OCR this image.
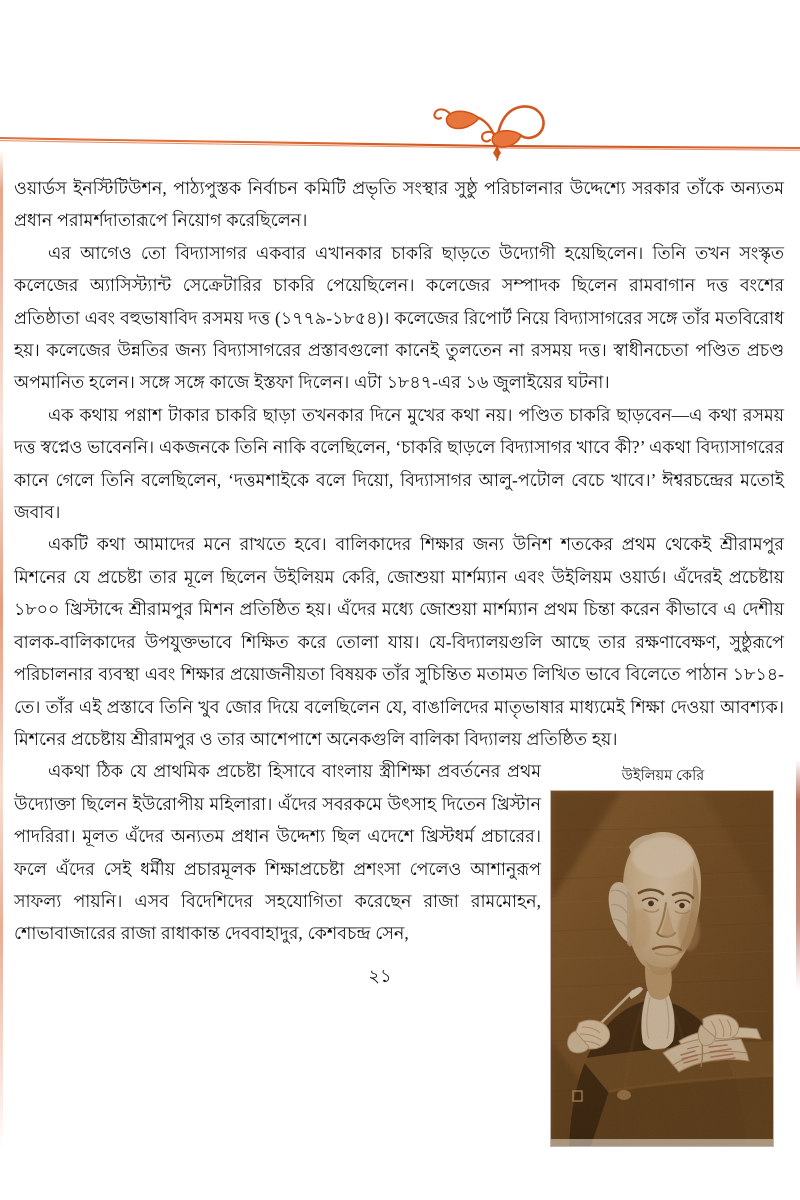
ওয়ার্ডস ইনস্টিটিউশন, পাঠ্যপুস্তক নির্বাচন কমিটি প্রভৃতি সংস্থার সুষ্ঠু পরিচালনার উদ্দেশ্যে সরকার তাঁকে অন্যতম প্রধান পরামর্শদাতারূপে নিয়োগ করেছিলেন।

এর আগেও তো বিদ্যাসাগর একবার এখানকার চাকরি ছাড়তে উদ্যোগী হয়েছিলেন। তিনি তখন সংস্কৃত কলেজের অ্যাসিস্ট্যান্ট সেক্রেটারির চাকরি পেয়েছিলেন। কলেজের সম্পাদক ছিলেন রামবাগান দত্ত বংশের প্রতিষ্ঠাতা এবং বহুভাষাবিদ রসময় দত্ত (১৭৭৯-১৮৫৪)। কলেজের রিপোর্ট নিয়ে বিদ্যাসাগরের সঙ্গে তাঁর মতবিরোধ হয়। কলেজের উন্নতির জন্য বিদ্যাসাগরের প্রস্তাবগুলো কানেই তুলতেন না রসময় দত্ত। স্বাধীনচেতা পণ্ডিত প্রচণ্ড অপমানিত হলেন। সঙ্গে সঙ্গে কাজে ইস্তফা দিলেন। এটা ১৮৪৭-এর ১৬ জুলাইয়ের ঘটনা।

এক কথায় পণ্ণাশ টাকার চাকরি ছাড়া তখনকার দিনে মুখের কথা নয়। পণ্ডিত চাকরি ছাড়বেন—এ কথা রসময় দত্ত স্বপ্নেও ভাবেননি। একজনকে তিনি নাকি বলেছিলেন, ‘চাকরি ছাড়লে বিদ্যাসাগর খাবে কী?’ একথা বিদ্যাসাগরের কানে গেলে তিনি বলেছিলেন, ‘দত্তমশাইকে বলে দিয়ো, বিদ্যাসাগর আলু-পটোল বেচে খাবে।’ ঈশ্বরচন্দ্রের মতোই জবাব।

একটি কথা আমাদের মনে রাখতে হবে। বালিকাদের শিক্ষার জন্য উনিশ শতকের প্রথম থেকেই শ্রীরামপুর মিশনের যে প্রচেষ্টা তার মূলে ছিলেন উইলিয়ম কেরি, জোশুয়া মার্শম্যান এবং উইলিয়ম ওয়ার্ড। এঁদেরই প্রচেষ্টায় ১৮০০ খ্রিস্টাব্দে শ্রীরামপুর মিশন প্রতিষ্ঠিত হয়। এঁদের মধ্যে জোশুয়া মার্শম্যান প্রথম চিন্তা করেন কীভাবে এ দেশীয় বালক-বালিকাদের উপযুক্তভাবে শিক্ষিত করে তোলা যায়। যে-বিদ্যালয়গুলি আছে তার রক্ষণাবেক্ষণ, সুষ্ঠুরূপে পরিচালনার ব্যবস্থা এবং শিক্ষার প্রয়োজনীয়তা বিষয়ক তাঁর সুচিন্তিত মতামত লিখিত ভাবে বিলেতে পাঠান ১৮১৪-তে। তাঁর এই প্রস্তাবে তিনি খুব জোর দিয়ে বলেছিলেন যে, বাঙালিদের মাতৃভাষার মাধ্যমেই শিক্ষা দেওয়া আবশ্যক। মিশনের প্রচেষ্টায় শ্রীরামপুর ও তার আশেপাশে অনেকগুলি বালিকা বিদ্যালয় প্রতিষ্ঠিত হয়।

একথা ঠিক যে প্রাথমিক প্রচেষ্টা হিসাবে বাংলায় স্ত্রীশিক্ষা প্রবর্তনের প্রথম উদ্যোক্তা ছিলেন ইউরোপীয় মহিলারা। এঁদের সবরকমে উৎসাহ দিতেন খ্রিস্টান পাদরিরা। মূলত এঁদের অন্যতম প্রধান উদ্দেশ্য ছিল এদেশে খ্রিস্টধর্ম প্রচারের। ফলে এঁদের সেই ধর্মীয় প্রচারমূলক শিক্ষাপ্রচেষ্টা প্রশংসা পেলেও আশানুরূপ সাফল্য পায়নি। এসব বিদেশিদের সহযোগিতা করেছেন রাজা রামমোহন, শোভাবাজারের রাজা রাধাকান্ত দেববাহাদুর, কেশবচন্দ্র সেন,

উইলিয়ম কেরি
২১
